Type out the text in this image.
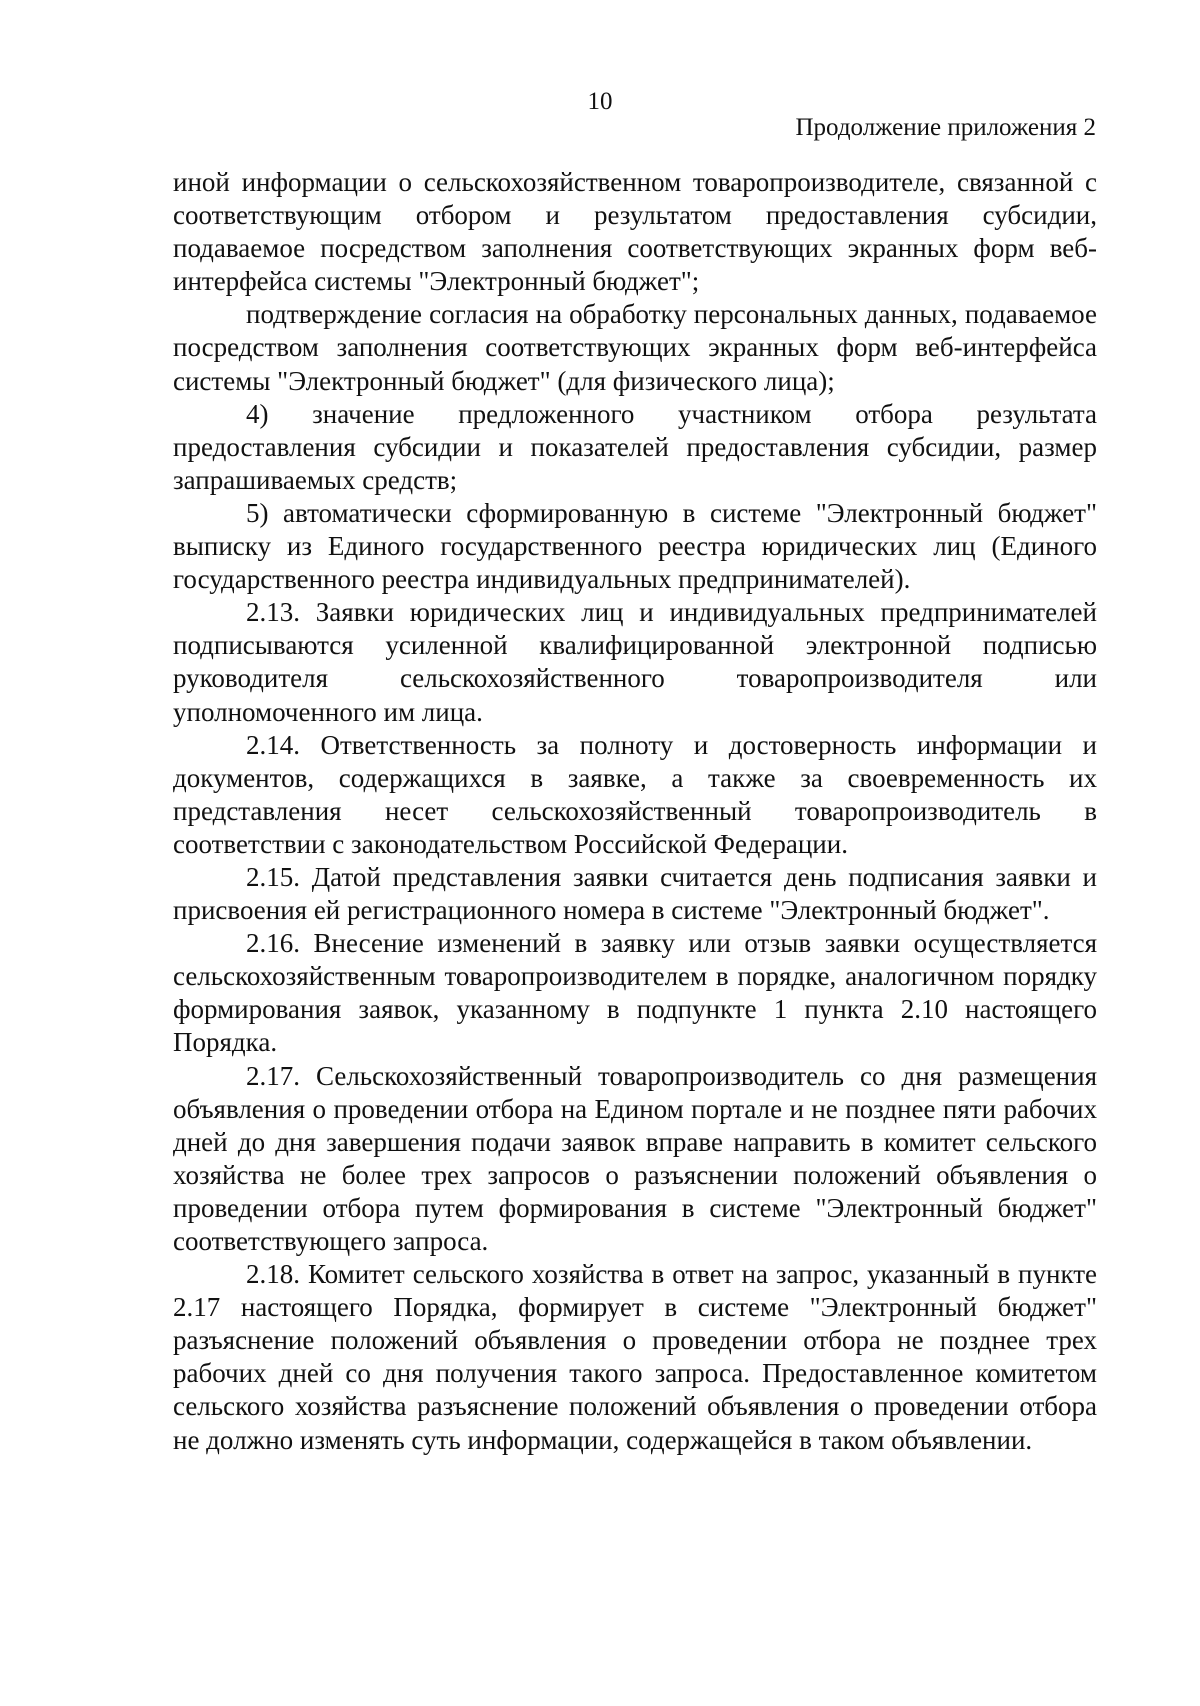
10
Продолжение приложения 2

иной информации о сельскохозяйственном товаропроизводителе, связанной с соответствующим отбором и результатом предоставления субсидии, подаваемое посредством заполнения соответствующих экранных форм веб-интерфейса системы "Электронный бюджет";

подтверждение согласия на обработку персональных данных, подаваемое посредством заполнения соответствующих экранных форм веб-интерфейса системы "Электронный бюджет" (для физического лица);

4) значение предложенного участником отбора результата предоставления субсидии и показателей предоставления субсидии, размер запрашиваемых средств;

5) автоматически сформированную в системе "Электронный бюджет" выписку из Единого государственного реестра юридических лиц (Единого государственного реестра индивидуальных предпринимателей).

2.13. Заявки юридических лиц и индивидуальных предпринимателей подписываются усиленной квалифицированной электронной подписью руководителя сельскохозяйственного товаропроизводителя или уполномоченного им лица.

2.14. Ответственность за полноту и достоверность информации и документов, содержащихся в заявке, а также за своевременность их представления несет сельскохозяйственный товаропроизводитель в соответствии с законодательством Российской Федерации.

2.15. Датой представления заявки считается день подписания заявки и присвоения ей регистрационного номера в системе "Электронный бюджет".

2.16. Внесение изменений в заявку или отзыв заявки осуществляется сельскохозяйственным товаропроизводителем в порядке, аналогичном порядку формирования заявок, указанному в подпункте 1 пункта 2.10 настоящего Порядка.

2.17. Сельскохозяйственный товаропроизводитель со дня размещения объявления о проведении отбора на Едином портале и не позднее пяти рабочих дней до дня завершения подачи заявок вправе направить в комитет сельского хозяйства не более трех запросов о разъяснении положений объявления о проведении отбора путем формирования в системе "Электронный бюджет" соответствующего запроса.

2.18. Комитет сельского хозяйства в ответ на запрос, указанный в пункте 2.17 настоящего Порядка, формирует в системе "Электронный бюджет" разъяснение положений объявления о проведении отбора не позднее трех рабочих дней со дня получения такого запроса. Предоставленное комитетом сельского хозяйства разъяснение положений объявления о проведении отбора не должно изменять суть информации, содержащейся в таком объявлении.
